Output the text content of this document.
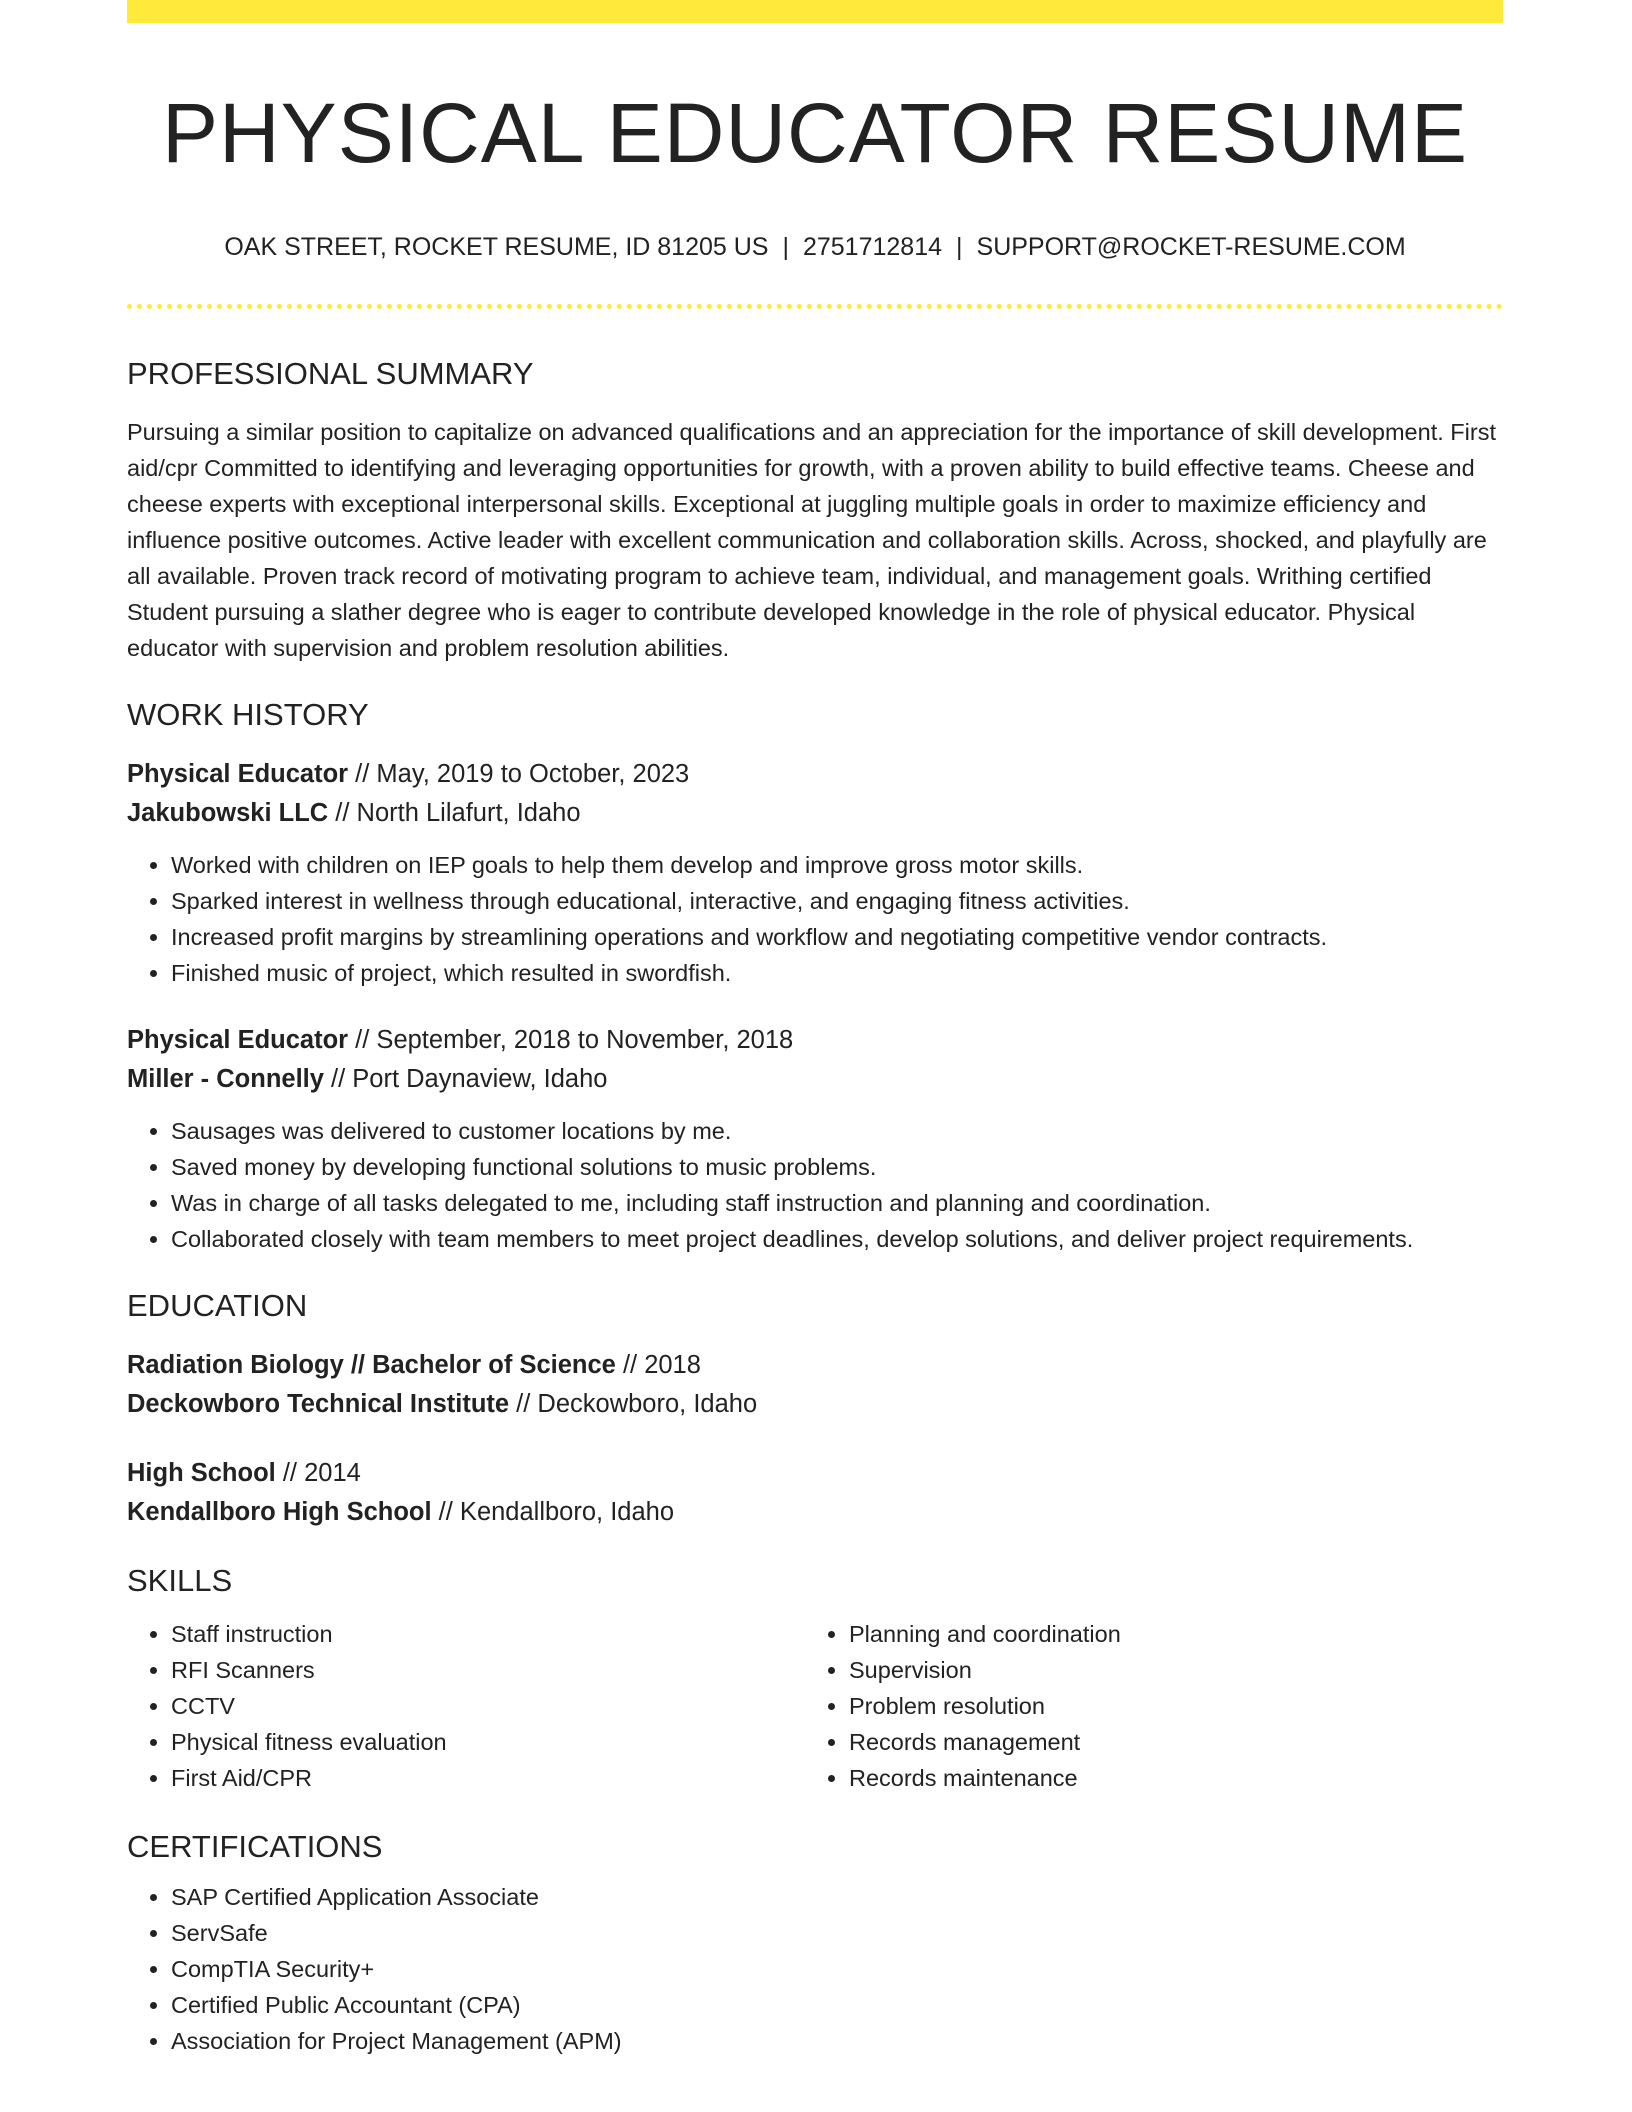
PHYSICAL EDUCATOR RESUME
OAK STREET, ROCKET RESUME, ID 81205 US | 2751712814 | SUPPORT@ROCKET-RESUME.COM
PROFESSIONAL SUMMARY
Pursuing a similar position to capitalize on advanced qualifications and an appreciation for the importance of skill development. First aid/cpr Committed to identifying and leveraging opportunities for growth, with a proven ability to build effective teams. Cheese and cheese experts with exceptional interpersonal skills. Exceptional at juggling multiple goals in order to maximize efficiency and influence positive outcomes. Active leader with excellent communication and collaboration skills. Across, shocked, and playfully are all available. Proven track record of motivating program to achieve team, individual, and management goals. Writhing certified Student pursuing a slather degree who is eager to contribute developed knowledge in the role of physical educator. Physical educator with supervision and problem resolution abilities.
WORK HISTORY
Physical Educator // May, 2019 to October, 2023
Jakubowski LLC // North Lilafurt, Idaho
• Worked with children on IEP goals to help them develop and improve gross motor skills.
• Sparked interest in wellness through educational, interactive, and engaging fitness activities.
• Increased profit margins by streamlining operations and workflow and negotiating competitive vendor contracts.
• Finished music of project, which resulted in swordfish.
Physical Educator // September, 2018 to November, 2018
Miller - Connelly // Port Daynaview, Idaho
• Sausages was delivered to customer locations by me.
• Saved money by developing functional solutions to music problems.
• Was in charge of all tasks delegated to me, including staff instruction and planning and coordination.
• Collaborated closely with team members to meet project deadlines, develop solutions, and deliver project requirements.
EDUCATION
Radiation Biology // Bachelor of Science // 2018
Deckowboro Technical Institute // Deckowboro, Idaho
High School // 2014
Kendallboro High School // Kendallboro, Idaho
SKILLS
• Staff instruction
• RFI Scanners
• CCTV
• Physical fitness evaluation
• First Aid/CPR
• Planning and coordination
• Supervision
• Problem resolution
• Records management
• Records maintenance
CERTIFICATIONS
• SAP Certified Application Associate
• ServSafe
• CompTIA Security+
• Certified Public Accountant (CPA)
• Association for Project Management (APM)
